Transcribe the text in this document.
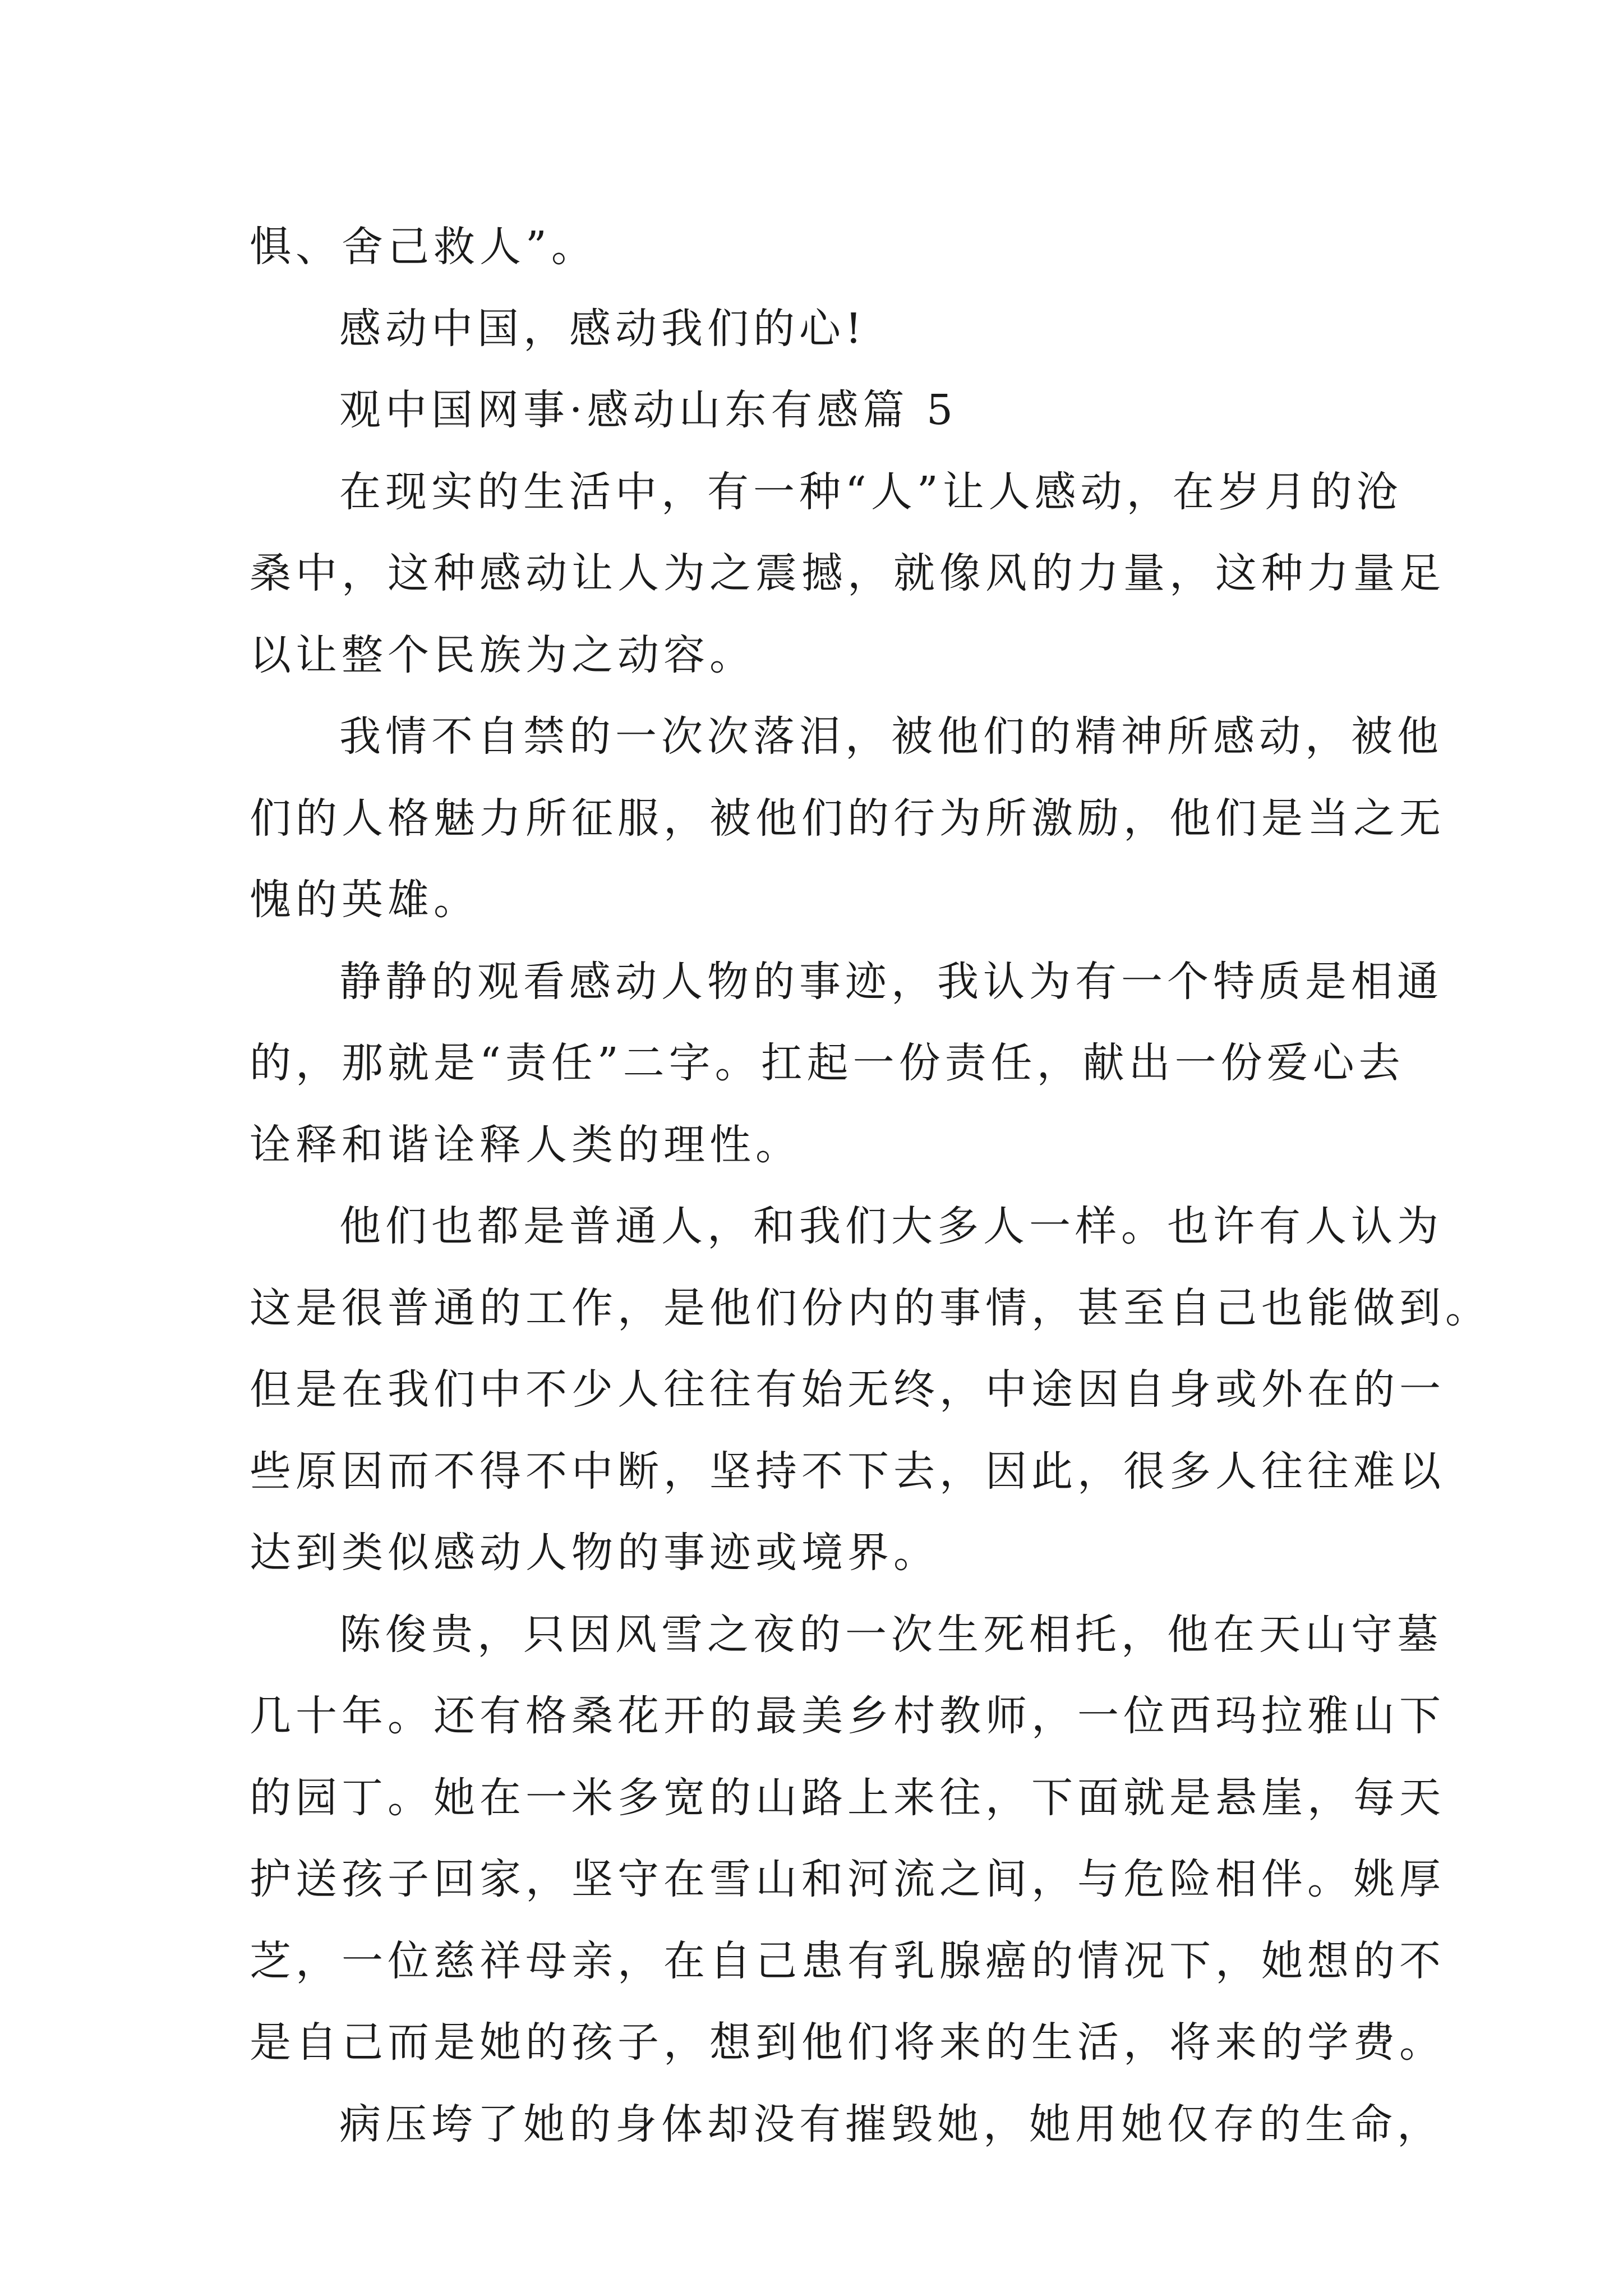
惧、舍己救人”。
感动中国，感动我们的心!
观中国网事·感动山东有感篇 5
在现实的生活中，有一种“人”让人感动，在岁月的沧
桑中，这种感动让人为之震撼，就像风的力量，这种力量足
以让整个民族为之动容。
我情不自禁的一次次落泪，被他们的精神所感动，被他
们的人格魅力所征服，被他们的行为所激励，他们是当之无
愧的英雄。
静静的观看感动人物的事迹，我认为有一个特质是相通
的，那就是“责任”二字。扛起一份责任，献出一份爱心去
诠释和谐诠释人类的理性。
他们也都是普通人，和我们大多人一样。也许有人认为
这是很普通的工作，是他们份内的事情，甚至自己也能做到。
但是在我们中不少人往往有始无终，中途因自身或外在的一
些原因而不得不中断，坚持不下去，因此，很多人往往难以
达到类似感动人物的事迹或境界。
陈俊贵，只因风雪之夜的一次生死相托，他在天山守墓
几十年。还有格桑花开的最美乡村教师，一位西玛拉雅山下
的园丁。她在一米多宽的山路上来往，下面就是悬崖，每天
护送孩子回家，坚守在雪山和河流之间，与危险相伴。姚厚
芝，一位慈祥母亲，在自己患有乳腺癌的情况下，她想的不
是自己而是她的孩子，想到他们将来的生活，将来的学费。
病压垮了她的身体却没有摧毁她，她用她仅存的生命，
